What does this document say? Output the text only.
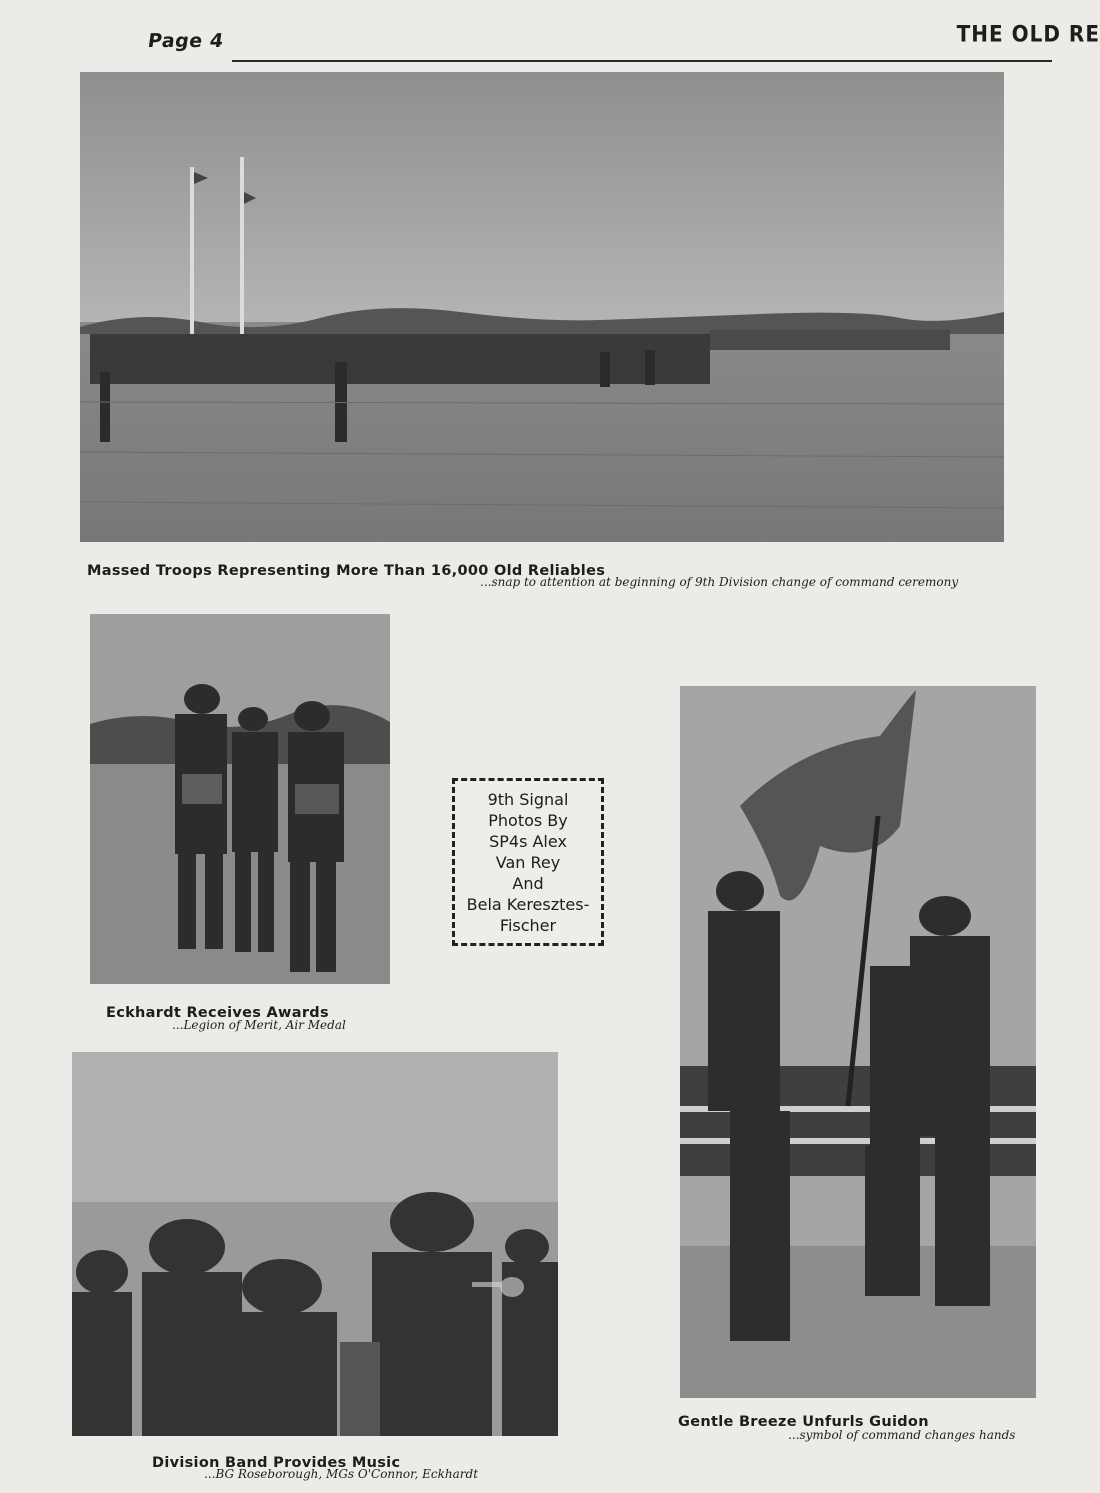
Page 4	THE OLD RE
Massed Troops Representing More Than 16,000 Old Reliables
...snap to attention at beginning of 9th Division change of command ceremony
Eckhardt Receives Awards
...Legion of Merit, Air Medal
9th Signal
Photos By
SP4s Alex
Van Rey
And
Bela Keresztes-
Fischer
Division Band Provides Music
...BG Roseborough, MGs O'Connor, Eckhardt
Gentle Breeze Unfurls Guidon
...symbol of command changes hands
